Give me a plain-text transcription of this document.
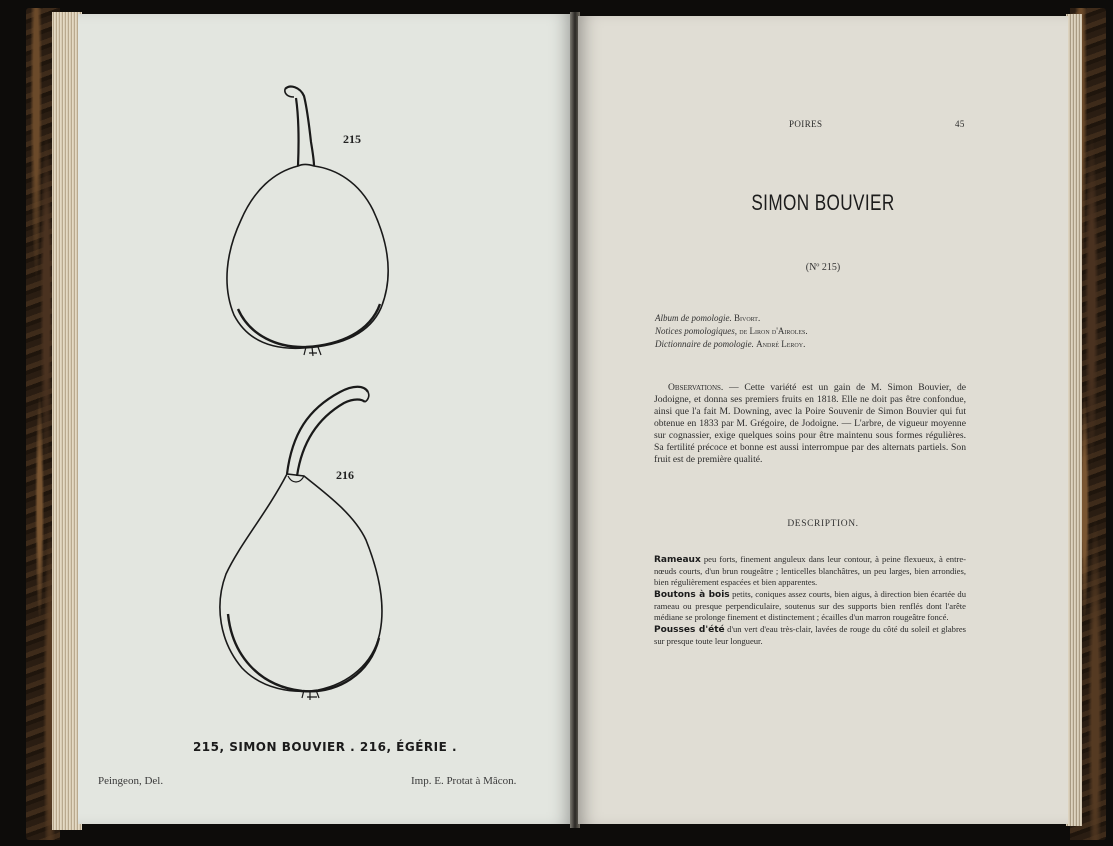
215
216
215, SIMON BOUVIER . 216, ÉGÉRIE .
Peingeon, Del.	Imp. E. Protat à Mâcon.
POIRES	45
SIMON BOUVIER
(Nº 215)
Album de pomologie. Bivort.
Notices pomologiques, de Liron d'Airoles.
Dictionnaire de pomologie. André Leroy.
Observations. — Cette variété est un gain de M. Simon Bouvier, de Jodoigne, et donna ses premiers fruits en 1818. Elle ne doit pas être confondue, ainsi que l'a fait M. Downing, avec la Poire Souvenir de Simon Bouvier qui fut obtenue en 1833 par M. Grégoire, de Jodoigne. — L'arbre, de vigueur moyenne sur cognassier, exige quelques soins pour être maintenu sous formes régulières. Sa fertilité précoce et bonne est aussi interrompue par des alternats partiels. Son fruit est de première qualité.
DESCRIPTION.

Rameaux peu forts, finement anguleux dans leur contour, à peine flexueux, à entre-nœuds courts, d'un brun rougeâtre ; lenticelles blanchâtres, un peu larges, bien arrondies, bien régulièrement espacées et bien apparentes.

Boutons à bois petits, coniques assez courts, bien aigus, à direction bien écartée du rameau ou presque perpendiculaire, soutenus sur des supports bien renflés dont l'arête médiane se prolonge finement et distinctement ; écailles d'un marron rougeâtre foncé.

Pousses d'été d'un vert d'eau très-clair, lavées de rouge du côté du soleil et glabres sur presque toute leur longueur.
